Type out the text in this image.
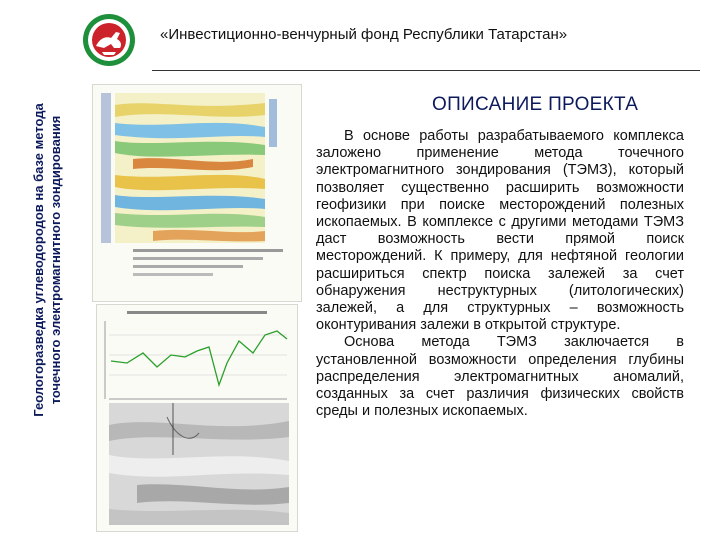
Геологоразведка углеводородов на базе метода точечного электромагнитного зондирования
«Инвестиционно-венчурный фонд Республики Татарстан»
ОПИСАНИЕ ПРОЕКТА

В основе работы разрабатываемого комплекса заложено применение метода точечного электромагнитного зондирования (ТЭМЗ), который позволяет существенно расширить возможности геофизики при поиске месторождений полезных ископаемых. В комплексе с другими методами ТЭМЗ даст возможность вести прямой поиск месторождений. К примеру, для нефтяной геологии расшириться спектр поиска залежей за счет обнаружения неструктурных (литологических) залежей, а для структурных – возможность оконтуривания залежи в открытой структуре.

Основа метода ТЭМЗ заключается в установленной возможности определения глубины распределения электромагнитных аномалий, созданных за счет различия физических свойств среды и полезных ископаемых.
